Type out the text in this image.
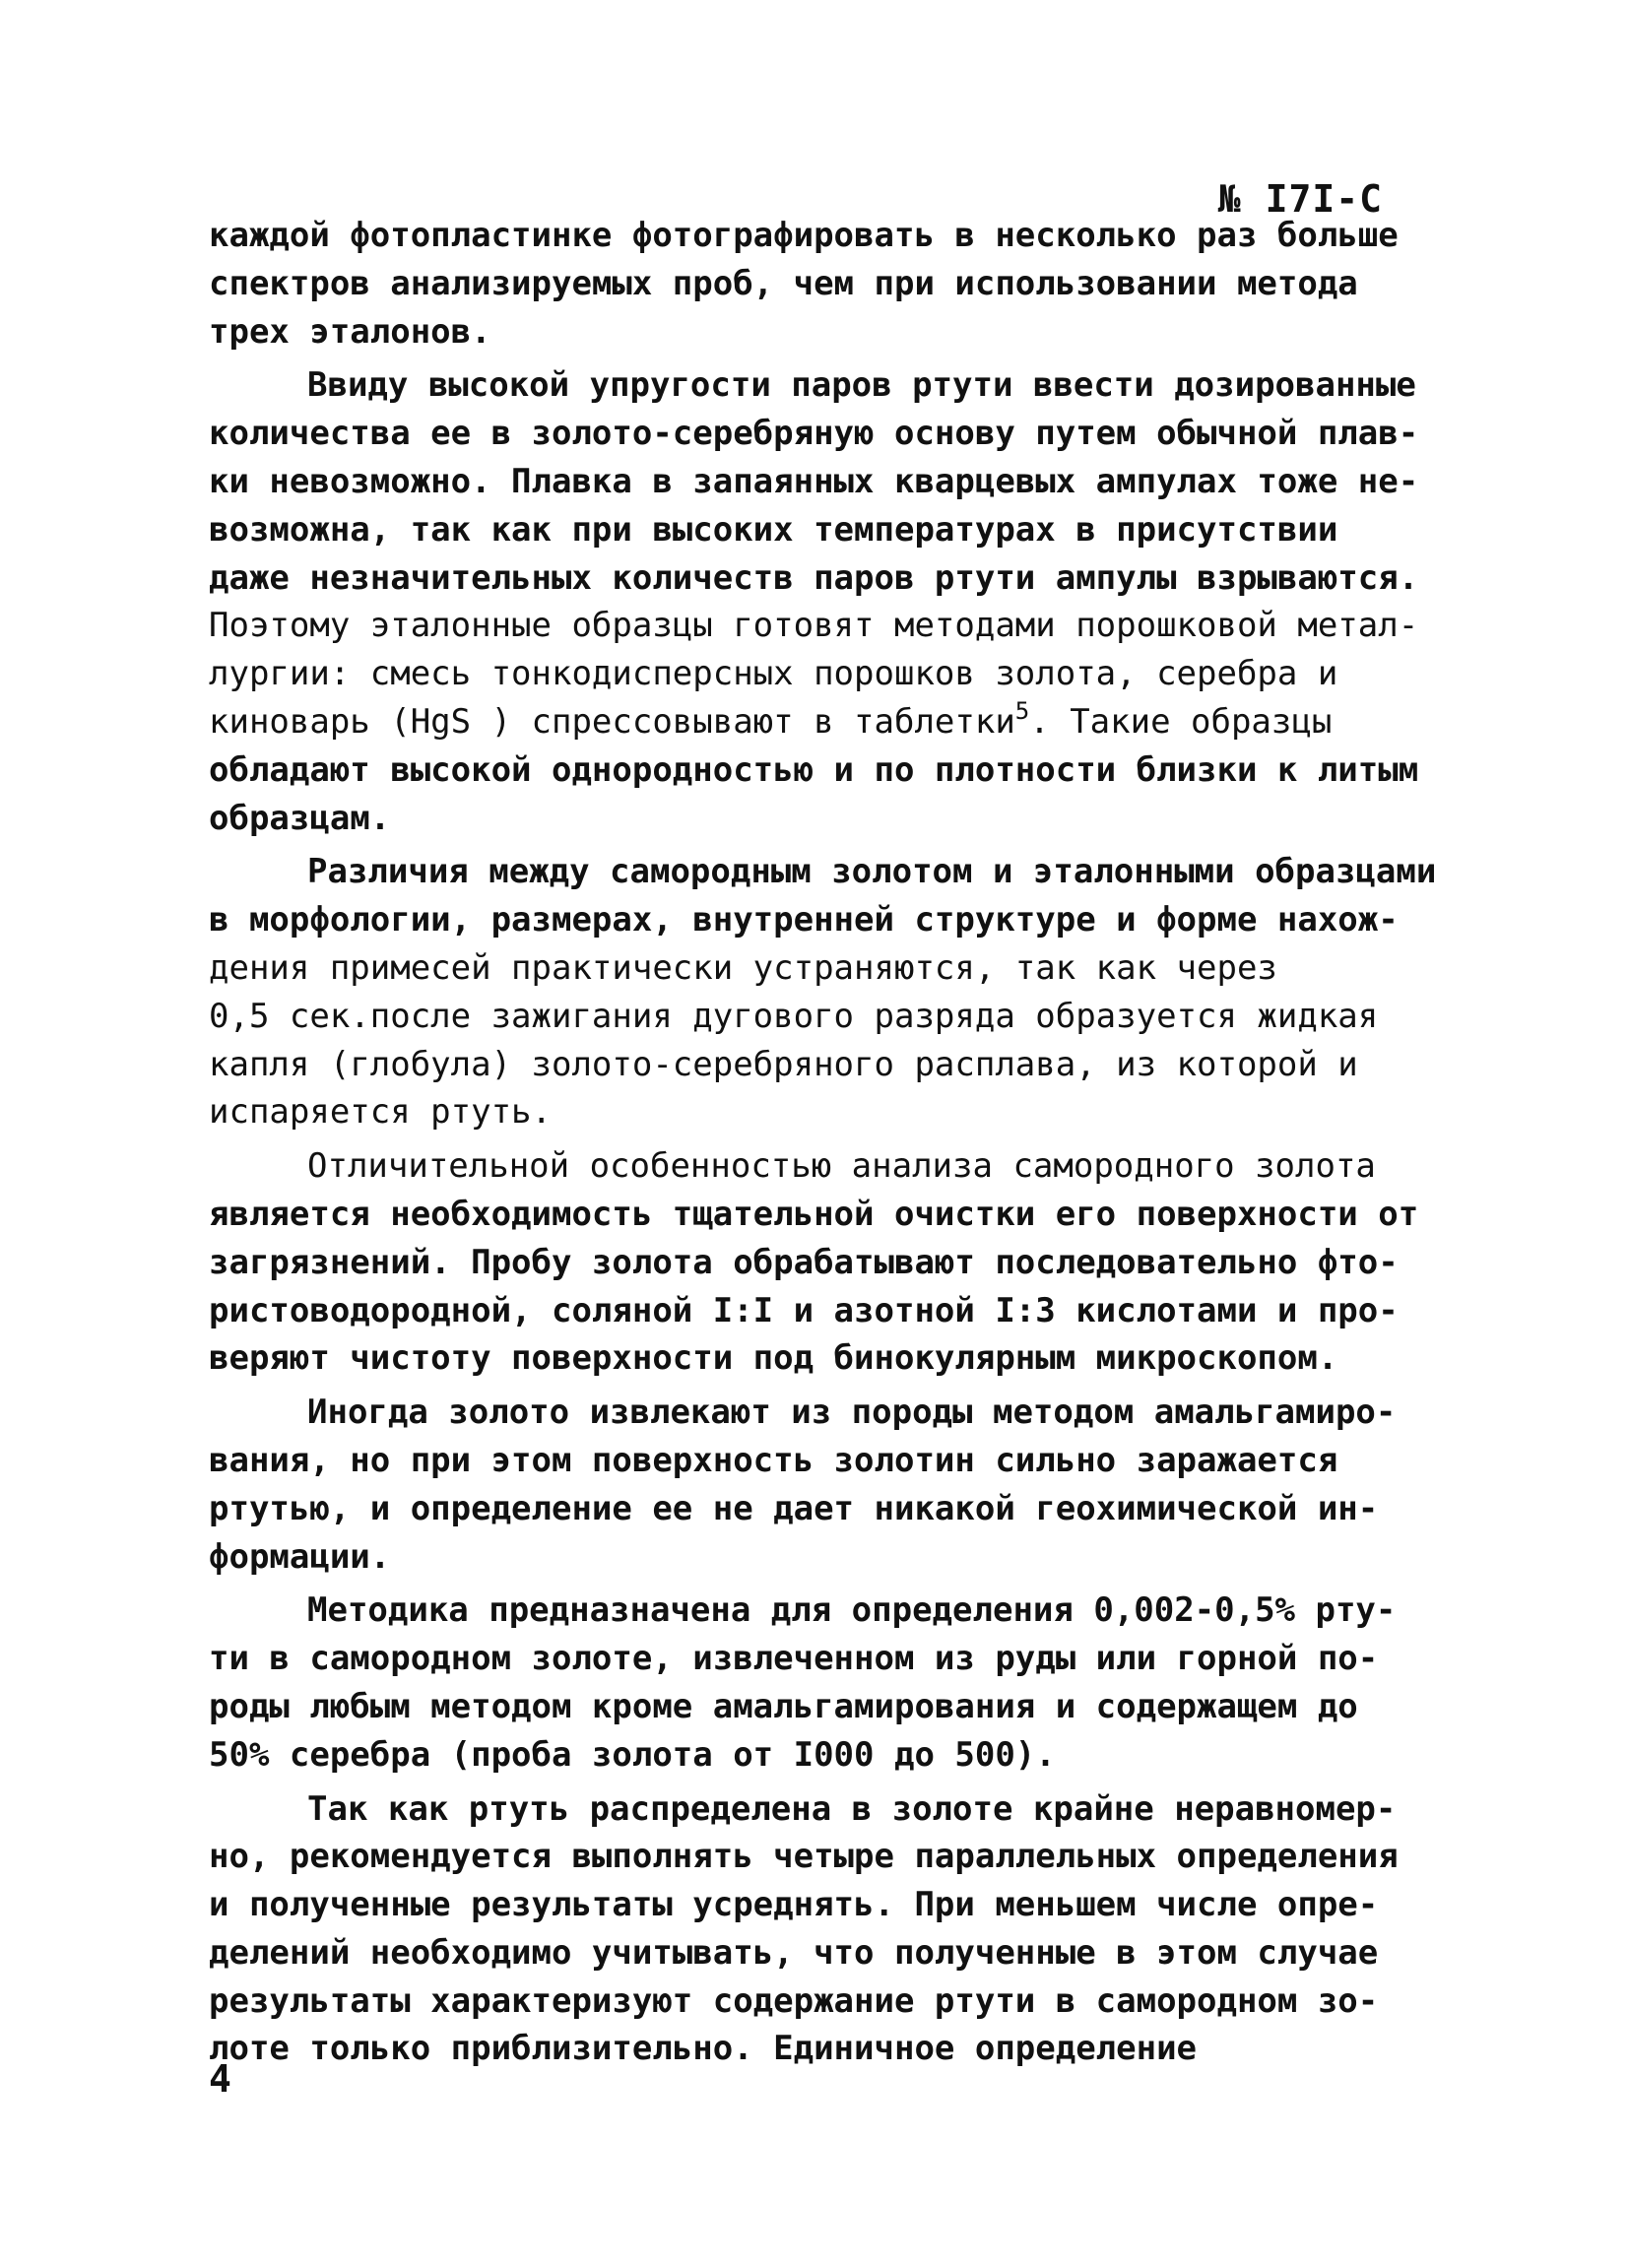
№ I7I-С
каждой фотопластинке фотографировать в несколько раз больше
спектров анализируемых проб, чем при использовании метода
трех эталонов.
Ввиду высокой упругости паров ртути ввести дозированные
количества ее в золото-серебряную основу путем обычной плав-
ки невозможно. Плавка в запаянных кварцевых ампулах тоже не-
возможна, так как при высоких температурах в присутствии
даже незначительных количеств паров ртути ампулы взрываются.
Поэтому эталонные образцы готовят методами порошковой метал-
лургии: смесь тонкодисперсных порошков золота, серебра и
киноварь (HgS ) спрессовывают в таблетки$^5$. Такие образцы
обладают высокой однородностью и по плотности близки к литым
образцам.
Различия между самородным золотом и эталонными образцами
в морфологии, размерах, внутренней структуре и форме нахож-
дения примесей практически устраняются, так как через
0,5 сек.после зажигания дугового разряда образуется жидкая
капля (глобула) золото-серебряного расплава, из которой и
испаряется ртуть.
Отличительной особенностью анализа самородного золота
является необходимость тщательной очистки его поверхности от
загрязнений. Пробу золота обрабатывают последовательно фто-
ристоводородной, соляной I:I и азотной I:3 кислотами и про-
веряют чистоту поверхности под бинокулярным микроскопом.
Иногда золото извлекают из породы методом амальгамиро-
вания, но при этом поверхность золотин сильно заражается
ртутью, и определение ее не дает никакой геохимической ин-
формации.
Методика предназначена для определения 0,002-0,5% рту-
ти в самородном золоте, извлеченном из руды или горной по-
роды любым методом кроме амальгамирования и содержащем до
50% серебра (проба золота от I000 до 500).
Так как ртуть распределена в золоте крайне неравномер-
но, рекомендуется выполнять четыре параллельных определения
и полученные результаты усреднять. При меньшем числе опре-
делений необходимо учитывать, что полученные в этом случае
результаты характеризуют содержание ртути в самородном зо-
лоте только приблизительно. Единичное определение
4
